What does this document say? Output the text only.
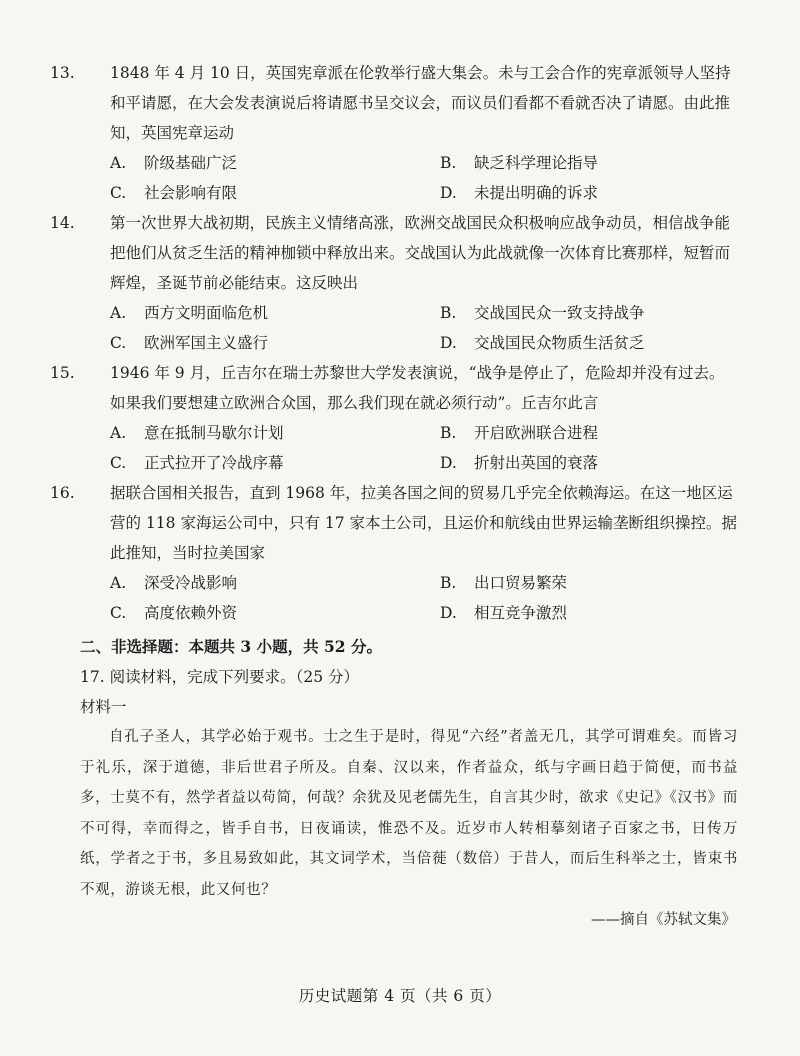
13. 1848 年 4 月 10 日，英国宪章派在伦敦举行盛大集会。未与工会合作的宪章派领导人坚持和平请愿，在大会发表演说后将请愿书呈交议会，而议员们看都不看就否决了请愿。由此推知，英国宪章运动

A. 阶级基础广泛	B. 缺乏科学理论指导
C. 社会影响有限	D. 未提出明确的诉求

14. 第一次世界大战初期，民族主义情绪高涨，欧洲交战国民众积极响应战争动员，相信战争能把他们从贫乏生活的精神枷锁中释放出来。交战国认为此战就像一次体育比赛那样，短暂而辉煌，圣诞节前必能结束。这反映出

A. 西方文明面临危机	B. 交战国民众一致支持战争
C. 欧洲军国主义盛行	D. 交战国民众物质生活贫乏

15. 1946 年 9 月，丘吉尔在瑞士苏黎世大学发表演说，“战争是停止了，危险却并没有过去。如果我们要想建立欧洲合众国，那么我们现在就必须行动”。丘吉尔此言

A. 意在抵制马歇尔计划	B. 开启欧洲联合进程
C. 正式拉开了冷战序幕	D. 折射出英国的衰落

16. 据联合国相关报告，直到 1968 年，拉美各国之间的贸易几乎完全依赖海运。在这一地区运营的 118 家海运公司中，只有 17 家本土公司，且运价和航线由世界运输垄断组织操控。据此推知，当时拉美国家

A. 深受冷战影响	B. 出口贸易繁荣
C. 高度依赖外资	D. 相互竞争激烈

二、非选择题：本题共 3 小题，共 52 分。

17. 阅读材料，完成下列要求。（25 分）

材料一

自孔子圣人，其学必始于观书。士之生于是时，得见“六经”者盖无几，其学可谓难矣。而皆习于礼乐，深于道德，非后世君子所及。自秦、汉以来，作者益众，纸与字画日趋于简便，而书益多，士莫不有，然学者益以苟简，何哉？余犹及见老儒先生，自言其少时，欲求《史记》《汉书》而不可得，幸而得之，皆手自书，日夜诵读，惟恐不及。近岁市人转相摹刻诸子百家之书，日传万纸，学者之于书，多且易致如此，其文词学术，当倍蓰（数倍）于昔人，而后生科举之士，皆束书不观，游谈无根，此又何也？

——摘自《苏轼文集》

历史试题第 4 页（共 6 页）
